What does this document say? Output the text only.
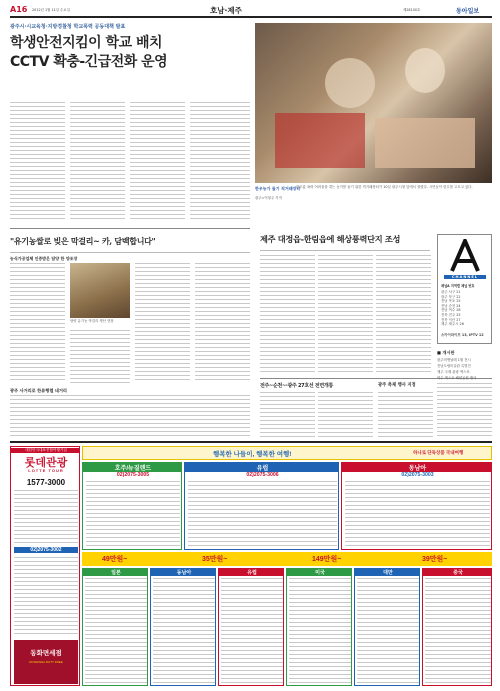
A16 2012년 1월 11일 수요일	호남·제주	제28100호	동아일보
광주시·시교육청·지방경찰청 학교폭력 공동대책 발표
학생안전지킴이 학교 배치
CCTV 확충-긴급전화 운영
한우농가 돕기 직거래장터
한우값 폭락 어려움을 겪는 농가를 돕기 위한 직거래장터가 10일 광주시청 앞에서 열렸다. 시민들이 한우를 고르고 있다.
광주=이형주 기자
"유기농쌀로 빚은 막걸리~ 카, 담백합니다"
농식가공업체 인증받은 담양 한 양조장
담양 유기농 막걸리 생산 현장
광주 사거리로 한류행렬 네거리
제주 대정읍-한림읍에 해상풍력단지 조성
CHANNEL
채널A 지역별 채널 번호
광주 서구 21
광주 북구 22
전남 목포 25
전남 순천 24
전남 여수 28
전북 전주 25
전북 익산 27
제주 제주시 26
스카이라이프 13, IPTV 12
전주~순천~·광주 27호선 전면개통	광주 축제 행사 지정
■ 개시판
광주비엔날레 1월 전시
전남도립미술관 특별전
제주 국제 관광 엑스포
여수 엑스포 해양공원 행사
대한민국대표종합여행기업
롯데관광
LOTTE TOUR
1577-3000
02)2075-3002
동화면세점
DONGWHA DUTY FREE
행복한 나들이, 행복한 여행!	하나로 단독상품 국내여행
호주/뉴질랜드
02)2075-3005
유럽
02)2075-3006
동남아
02)2075-3003
49만원~	35만원~	149만원~	39만원~
일본	동남아	유럽	미국	대만	중국
